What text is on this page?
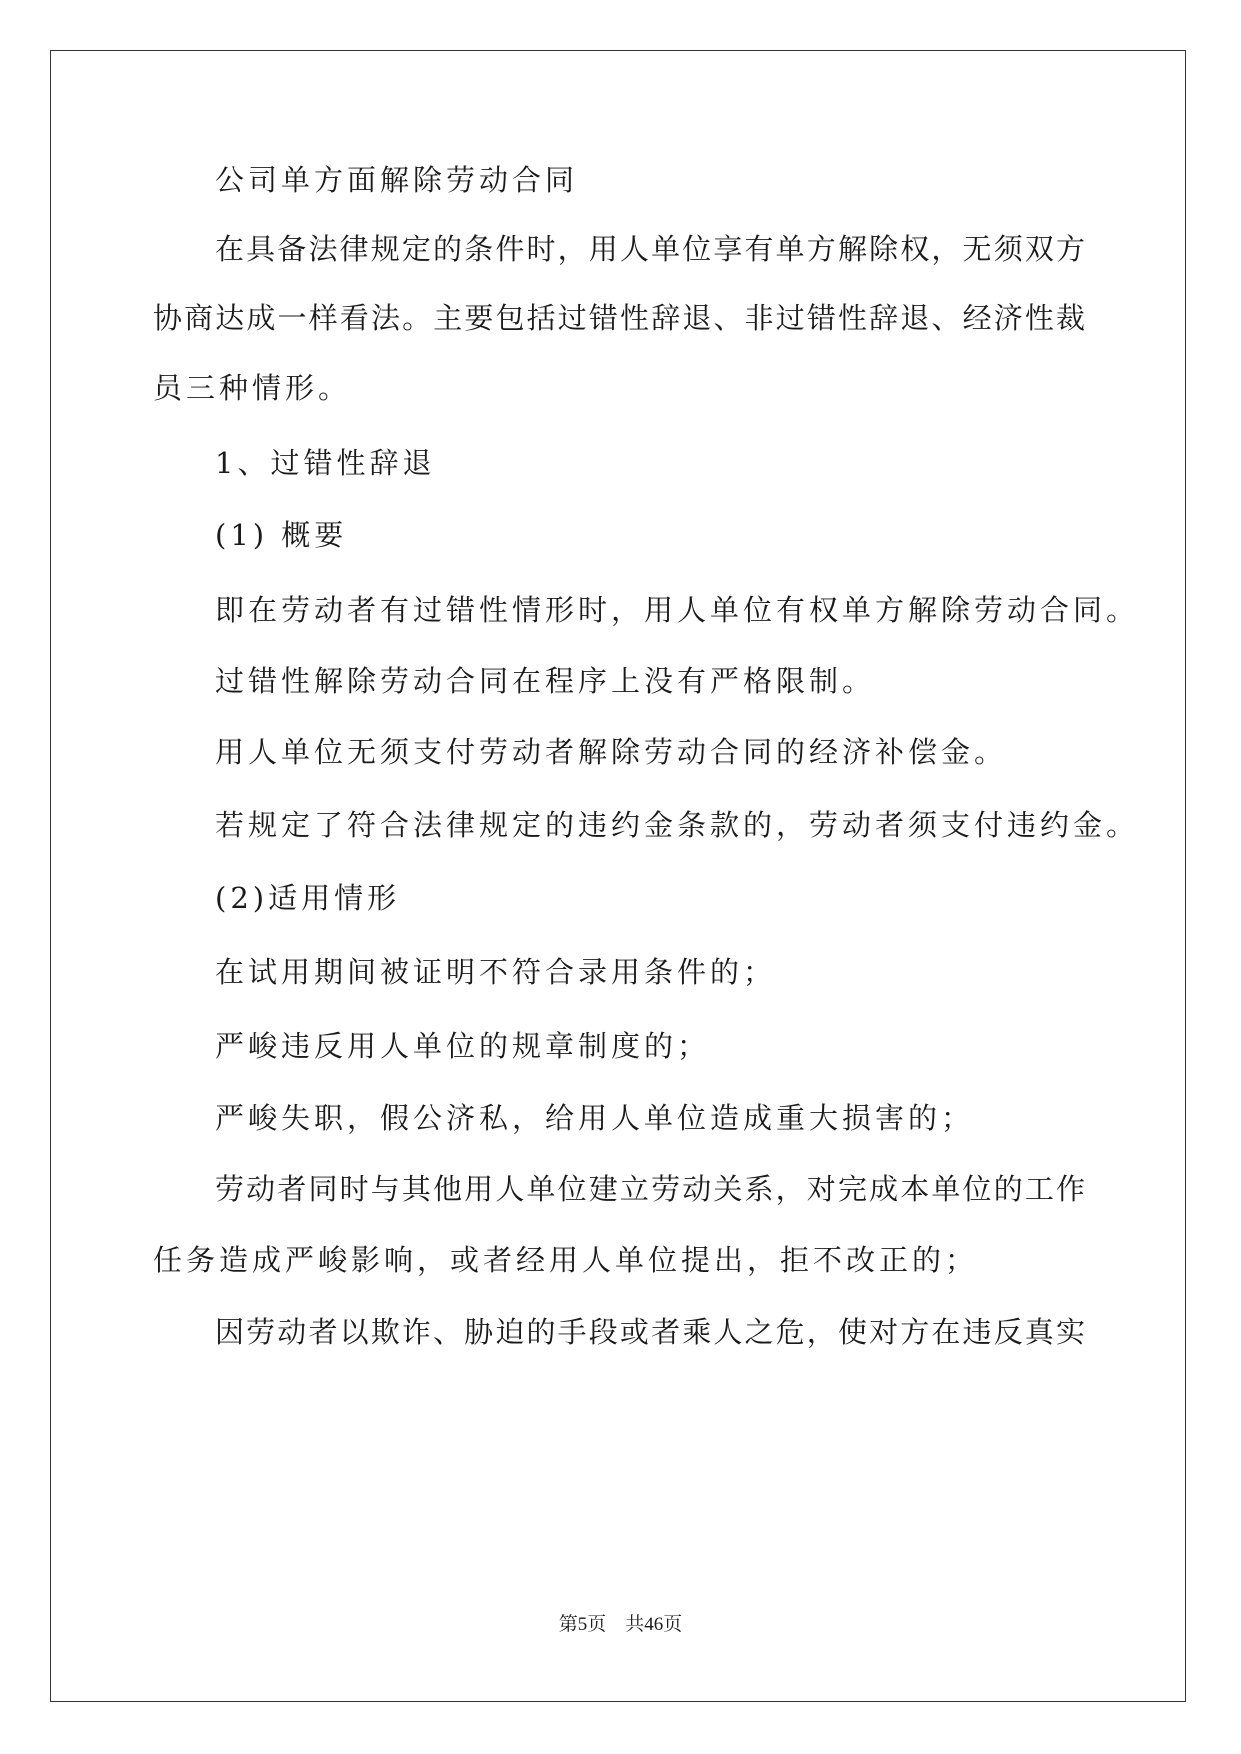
公司单方面解除劳动合同
在具备法律规定的条件时，用人单位享有单方解除权，无须双方
协商达成一样看法。主要包括过错性辞退、非过错性辞退、经济性裁
员三种情形。
1、过错性辞退
(1) 概要
即在劳动者有过错性情形时，用人单位有权单方解除劳动合同。
过错性解除劳动合同在程序上没有严格限制。
用人单位无须支付劳动者解除劳动合同的经济补偿金。
若规定了符合法律规定的违约金条款的，劳动者须支付违约金。
(2)适用情形
在试用期间被证明不符合录用条件的；
严峻违反用人单位的规章制度的；
严峻失职，假公济私，给用人单位造成重大损害的；
劳动者同时与其他用人单位建立劳动关系，对完成本单位的工作
任务造成严峻影响，或者经用人单位提出，拒不改正的；
因劳动者以欺诈、胁迫的手段或者乘人之危，使对方在违反真实
第5页　共46页
